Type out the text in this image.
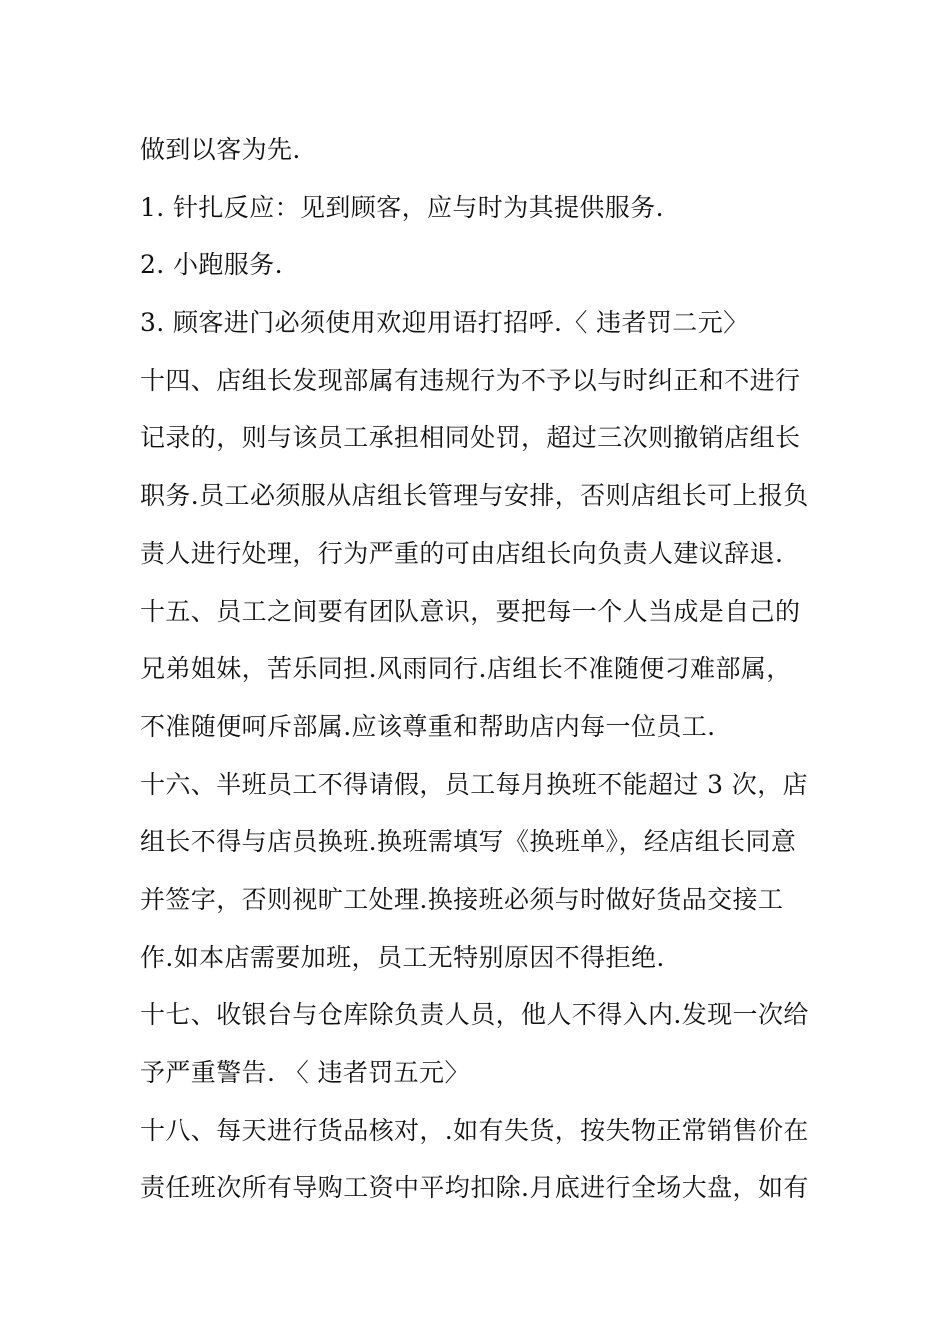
做到以客为先.
1. 针扎反应：见到顾客，应与时为其提供服务.
2. 小跑服务.
3. 顾客进门必须使用欢迎用语打招呼.〈 违者罚二元〉
十四、店组长发现部属有违规行为不予以与时纠正和不进行
记录的，则与该员工承担相同处罚，超过三次则撤销店组长
职务.员工必须服从店组长管理与安排，否则店组长可上报负
责人进行处理，行为严重的可由店组长向负责人建议辞退.
十五、员工之间要有团队意识，要把每一个人当成是自己的
兄弟姐妹，苦乐同担.风雨同行.店组长不准随便刁难部属，
不准随便呵斥部属.应该尊重和帮助店内每一位员工.
十六、半班员工不得请假，员工每月换班不能超过 3 次，店
组长不得与店员换班.换班需填写《换班单》，经店组长同意
并签字，否则视旷工处理.换接班必须与时做好货品交接工
作.如本店需要加班，员工无特别原因不得拒绝.
十七、收银台与仓库除负责人员，他人不得入内.发现一次给
予严重警告. 〈 违者罚五元〉
十八、每天进行货品核对，.如有失货，按失物正常销售价在
责任班次所有导购工资中平均扣除.月底进行全场大盘，如有
